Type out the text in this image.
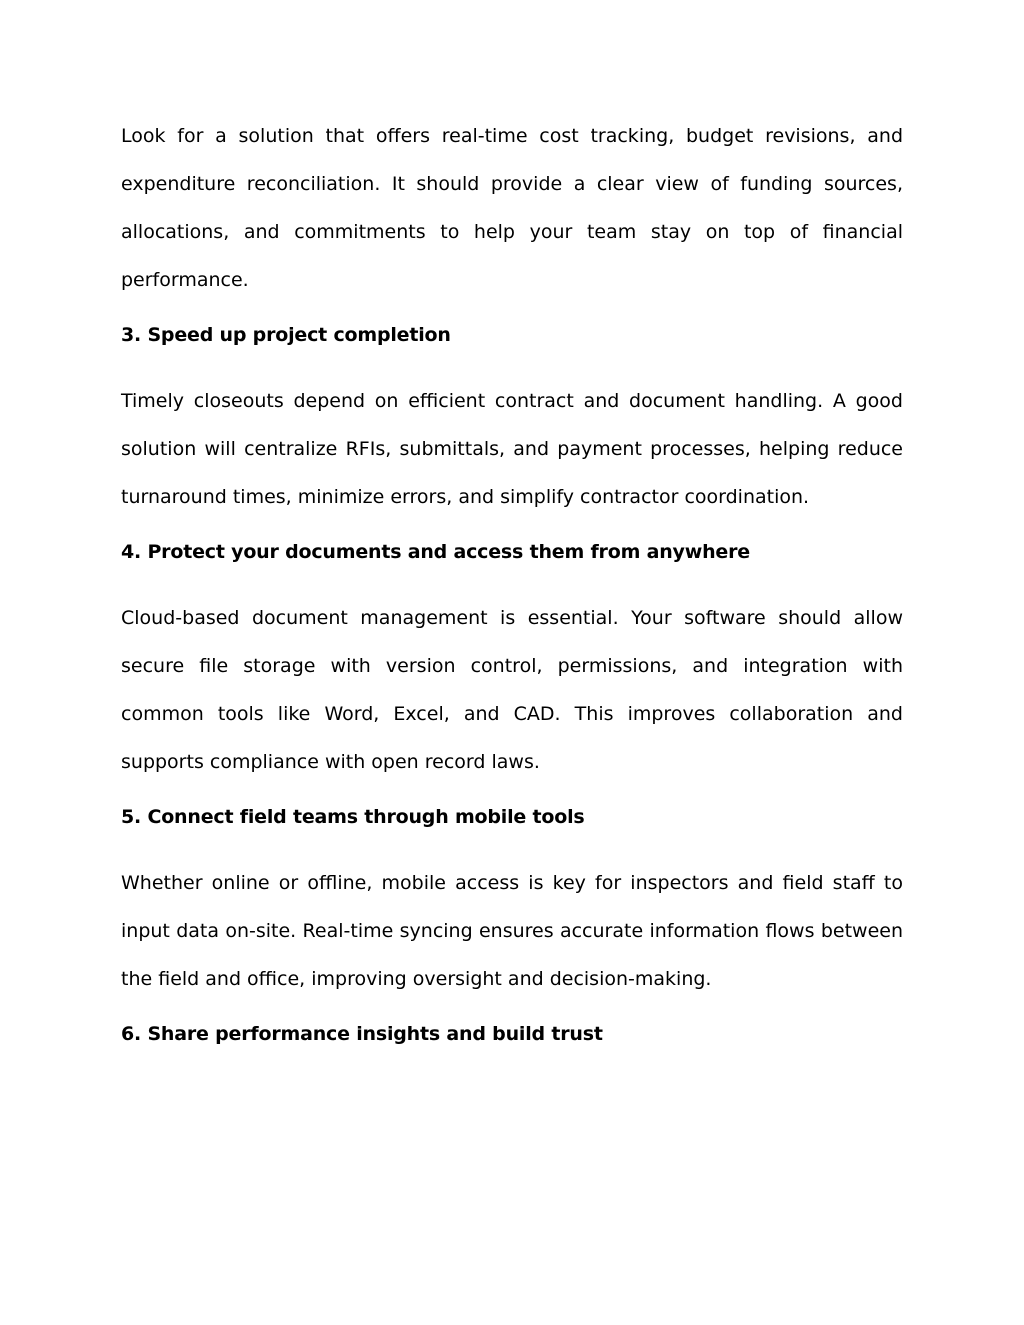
Look for a solution that offers real-time cost tracking, budget revisions, and expenditure reconciliation. It should provide a clear view of funding sources, allocations, and commitments to help your team stay on top of financial performance.

3. Speed up project completion

Timely closeouts depend on efficient contract and document handling. A good solution will centralize RFIs, submittals, and payment processes, helping reduce turnaround times, minimize errors, and simplify contractor coordination.

4. Protect your documents and access them from anywhere

Cloud-based document management is essential. Your software should allow secure file storage with version control, permissions, and integration with common tools like Word, Excel, and CAD. This improves collaboration and supports compliance with open record laws.

5. Connect field teams through mobile tools

Whether online or offline, mobile access is key for inspectors and field staff to input data on-site. Real-time syncing ensures accurate information flows between the field and office, improving oversight and decision-making.

6. Share performance insights and build trust
